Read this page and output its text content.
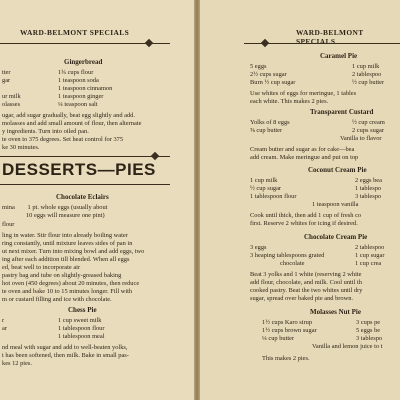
WARD-BELMONT SPECIALS
Gingerbread
tter	1¾ cups flour
gar	1 teaspoon soda
1 teaspoon cinnamon
ur milk	1 teaspoon ginger
olasses	¼ teaspoon salt
ugar, add sugar gradually, beat egg slightly and add.
molasses and add small amount of flour, then alternate
y ingredients. Turn into oiled pan.
te oven to 375 degrees. Set heat control for 375
ke 30 minutes.
DESSERTS—PIES
Chocolate Eclairs
mina        1 pt. whole eggs (usually about
10 eggs will measure one pint)
flour
ling in water. Stir flour into already boiling water
ring constantly, until mixture leaves sides of pan in
ut next mixer. Turn into mixing bowl and add eggs, two
ing after each addition till blended. When all eggs
ed, beat well to incorporate air
pastry bag and tube on slightly-greased baking
hot oven (450 degrees) about 20 minutes, then reduce
te oven and bake 10 to 15 minutes longer. Fill with
m or custard filling and ice with chocolate.
Chess Pie
r	1 cup sweet milk
ar	1 tablespoon flour
1 tablespoon meal
nd meal with sugar and add to well-beaten yolks,
t has been softened, then milk. Bake in small pas-
kes 12 pies.
WARD-BELMONT SPECIALS
Caramel Pie
5 eggs	1 cup milk
2½ cups sugar	2 tablespoo
Burn ½ cup sugar	½ cup butter
Use whites of eggs for meringue, 1 tables
each white. This makes 2 pies.
Transparent Custard
Yolks of 8 eggs	½ cup cream
⅝ cup butter	2 cups sugar
Vanilla to flavor
Cream butter and sugar as for cake—bea
add cream. Make meringue and put on top
Coconut Cream Pie
1 cup milk	2 eggs bea
½ cup sugar	1 tablespo
1 tablespoon flour	3 tablespo
1 teaspoon vanilla
Cook until thick, then add 1 cup of fresh co
first. Reserve 2 whites for icing if desired.
Chocolate Cream Pie
3 eggs	2 tablespoo
3 heaping tablespoons grated	1 cup sugar
chocolate	1 cup crea
Beat 3 yolks and 1 white (reserving 2 white
add flour, chocolate, and milk. Cool until th
cooked pastry. Beat the two whites until dry
sugar, spread over baked pie and brown.
Molasses Nut Pie
1½ cups Karo sirup	3 cups pe
1½ cups brown sugar	5 eggs be
¼ cup butter	3 tablespo
Vanilla and lemon juice to t
This makes 2 pies.
